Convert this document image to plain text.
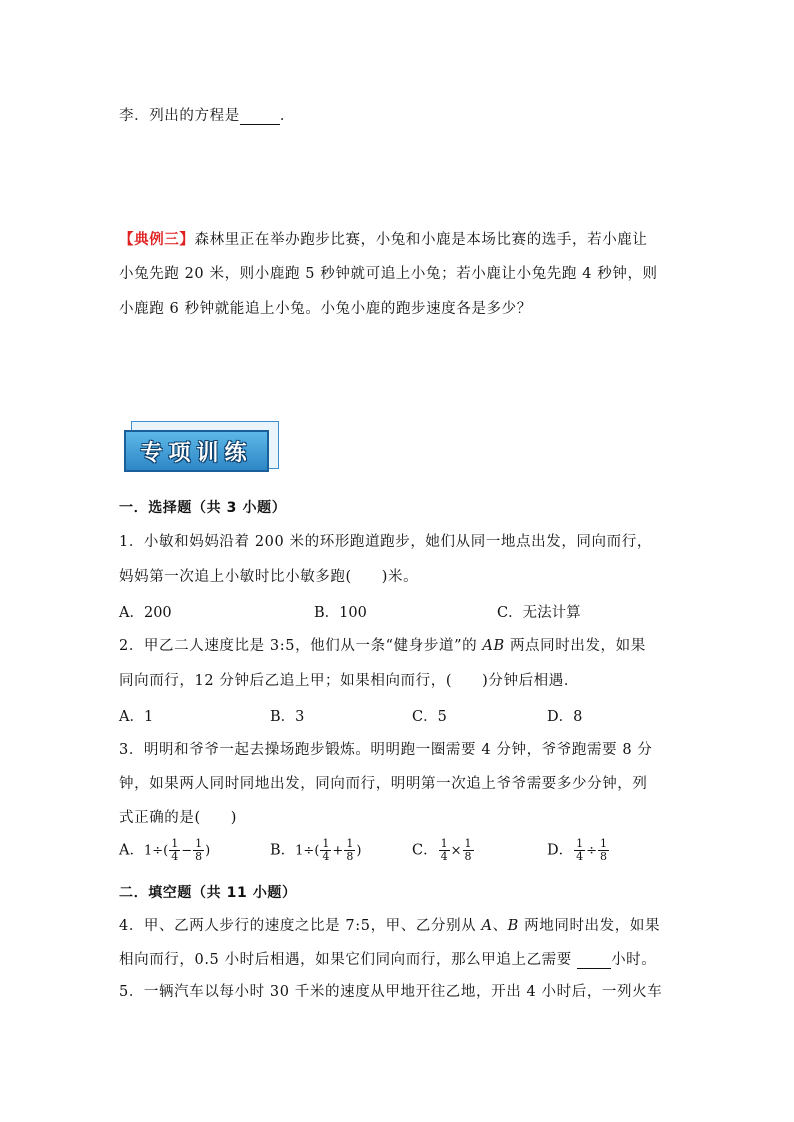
李．列出的方程是	．
【典例三】森林里正在举办跑步比赛，小兔和小鹿是本场比赛的选手，若小鹿让
小兔先跑 20 米，则小鹿跑 5 秒钟就可追上小兔；若小鹿让小兔先跑 4 秒钟，则
小鹿跑 6 秒钟就能追上小兔。小兔小鹿的跑步速度各是多少？
专项训练
一．选择题（共 3 小题）
1．小敏和妈妈沿着 200 米的环形跑道跑步，她们从同一地点出发，同向而行，
妈妈第一次追上小敏时比小敏多跑( )米。
A．200	B．100	C．无法计算
2．甲乙二人速度比是 3:5，他们从一条“健身步道”的 AB 两点同时出发，如果
同向而行，12 分钟后乙追上甲；如果相向而行，( )分钟后相遇．
A．1	B．3	C．5	D．8
3．明明和爷爷一起去操场跑步锻炼。明明跑一圈需要 4 分钟，爷爷跑需要 8 分
钟，如果两人同时同地出发，同向而行，明明第一次追上爷爷需要多少分钟，列
式正确的是( )
A．$1\div( \frac{1}{4} - \frac{1}{8}$ )	B．$1\div( \frac{1}{4} + \frac{1}{8}$ )	C． $\frac{1}{4} \times \frac{1}{8}$	D． $\frac{1}{4} \div \frac{1}{8}$
二．填空题（共 11 小题）
4．甲、乙两人步行的速度之比是 7:5，甲、乙分别从 A、B 两地同时出发，如果
相向而行，0.5 小时后相遇，如果它们同向而行，那么甲追上乙需要  小时。
5．一辆汽车以每小时 30 千米的速度从甲地开往乙地，开出 4 小时后，一列火车
